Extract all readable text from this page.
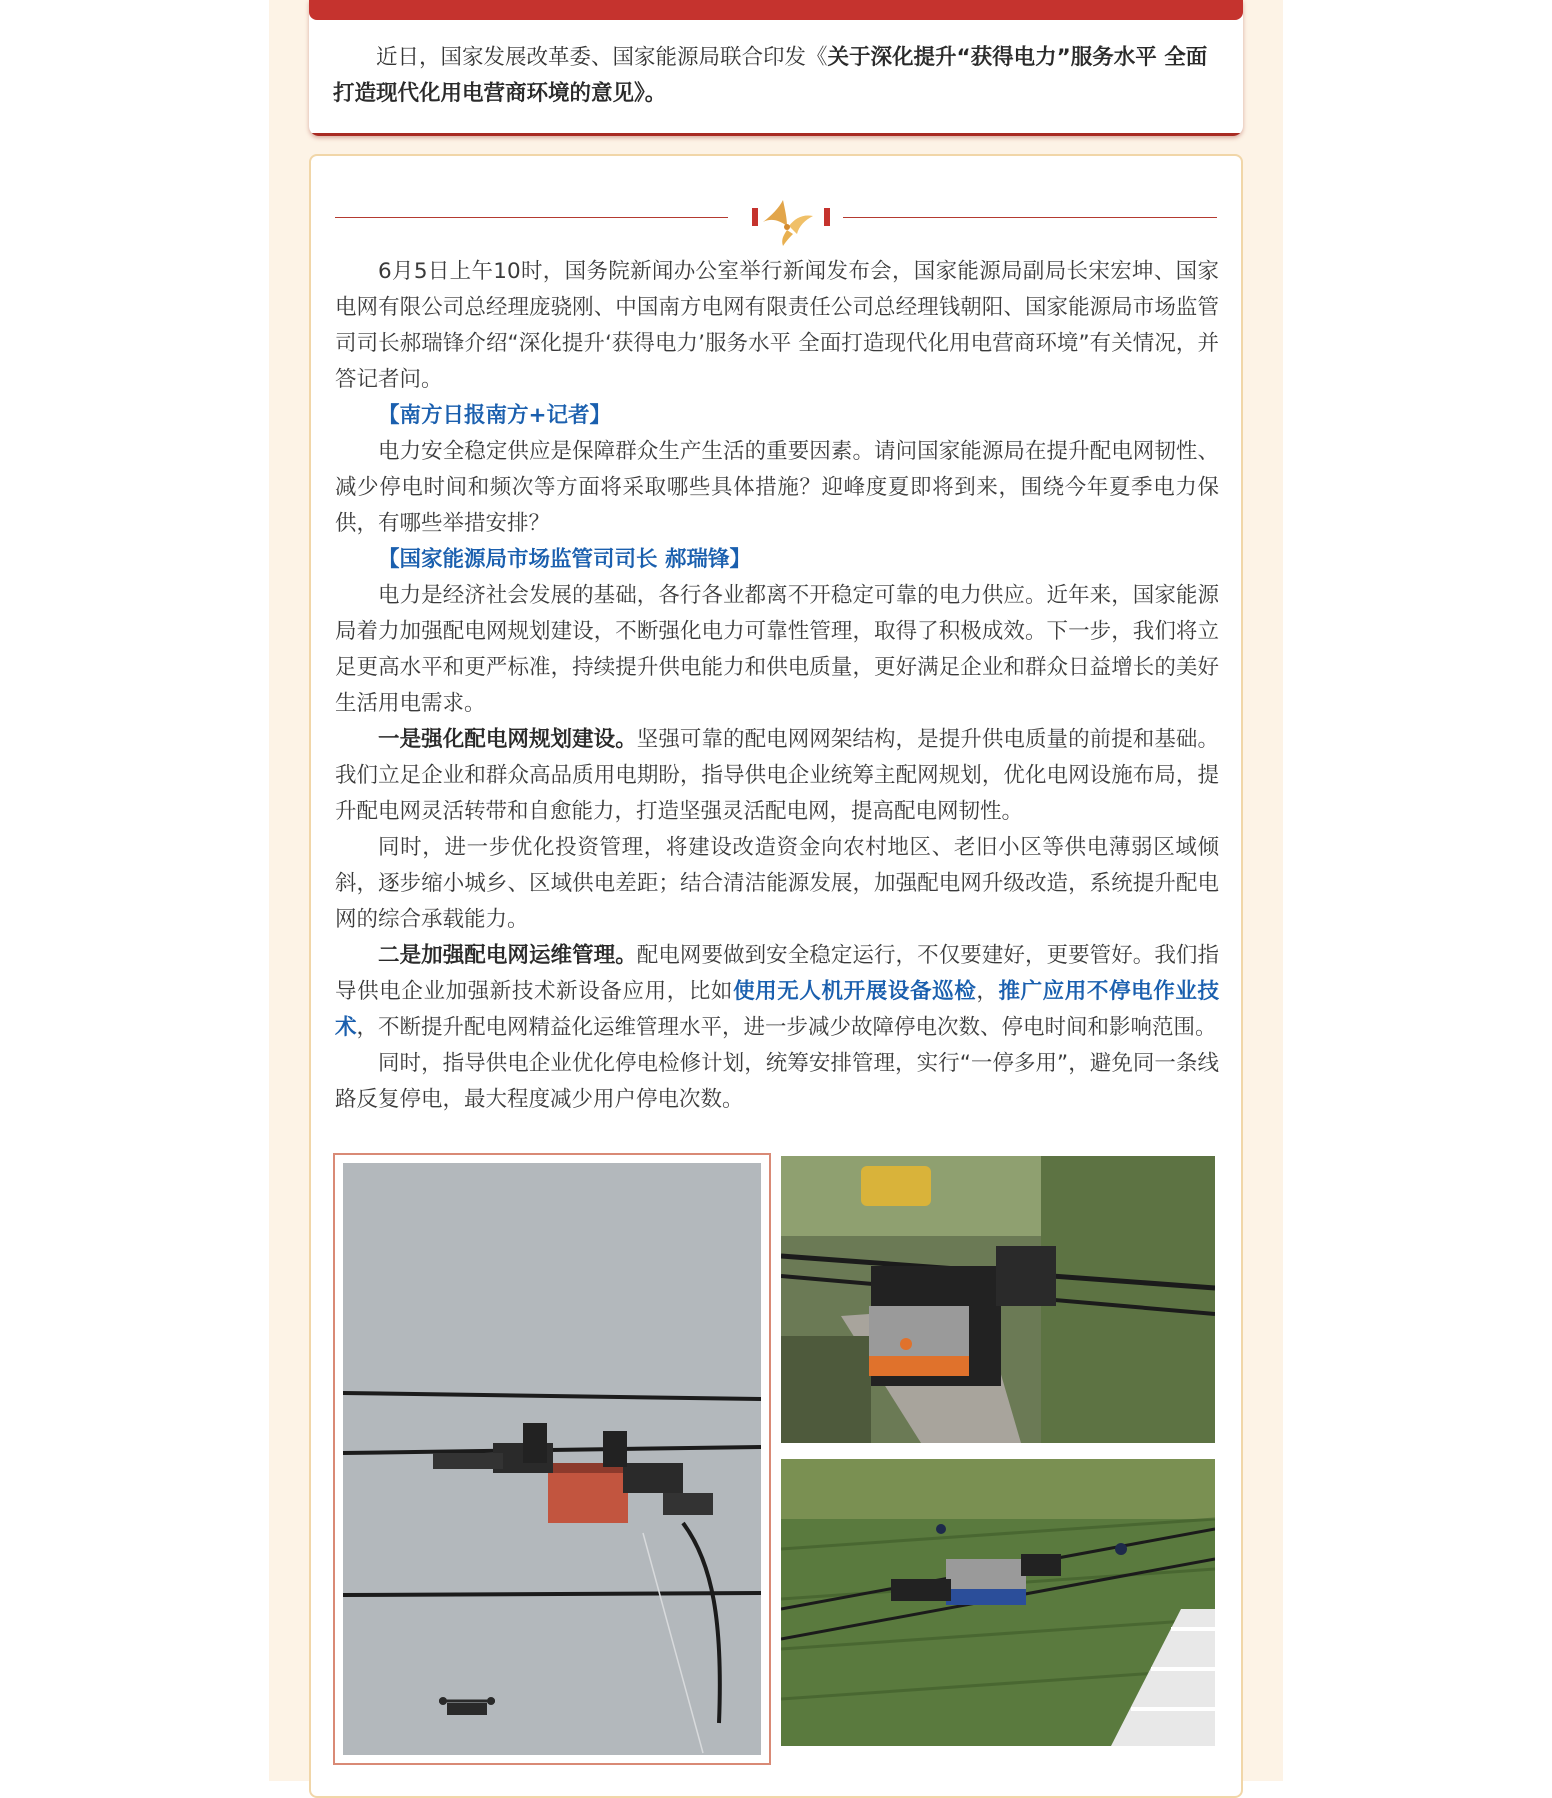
近日，国家发展改革委、国家能源局联合印发《关于深化提升“获得电力”服务水平 全面打造现代化用电营商环境的意见》。

6月5日上午10时，国务院新闻办公室举行新闻发布会，国家能源局副局长宋宏坤、国家电网有限公司总经理庞骁刚、中国南方电网有限责任公司总经理钱朝阳、国家能源局市场监管司司长郝瑞锋介绍“深化提升‘获得电力’服务水平 全面打造现代化用电营商环境”有关情况，并答记者问。

【南方日报南方+记者】

电力安全稳定供应是保障群众生产生活的重要因素。请问国家能源局在提升配电网韧性、减少停电时间和频次等方面将采取哪些具体措施？迎峰度夏即将到来，围绕今年夏季电力保供，有哪些举措安排？

【国家能源局市场监管司司长 郝瑞锋】

电力是经济社会发展的基础，各行各业都离不开稳定可靠的电力供应。近年来，国家能源局着力加强配电网规划建设，不断强化电力可靠性管理，取得了积极成效。下一步，我们将立足更高水平和更严标准，持续提升供电能力和供电质量，更好满足企业和群众日益增长的美好生活用电需求。

一是强化配电网规划建设。坚强可靠的配电网网架结构，是提升供电质量的前提和基础。我们立足企业和群众高品质用电期盼，指导供电企业统筹主配网规划，优化电网设施布局，提升配电网灵活转带和自愈能力，打造坚强灵活配电网，提高配电网韧性。

同时，进一步优化投资管理，将建设改造资金向农村地区、老旧小区等供电薄弱区域倾斜，逐步缩小城乡、区域供电差距；结合清洁能源发展，加强配电网升级改造，系统提升配电网的综合承载能力。

二是加强配电网运维管理。配电网要做到安全稳定运行，不仅要建好，更要管好。我们指导供电企业加强新技术新设备应用，比如使用无人机开展设备巡检，推广应用不停电作业技术，不断提升配电网精益化运维管理水平，进一步减少故障停电次数、停电时间和影响范围。

同时，指导供电企业优化停电检修计划，统筹安排管理，实行“一停多用”，避免同一条线路反复停电，最大程度减少用户停电次数。
